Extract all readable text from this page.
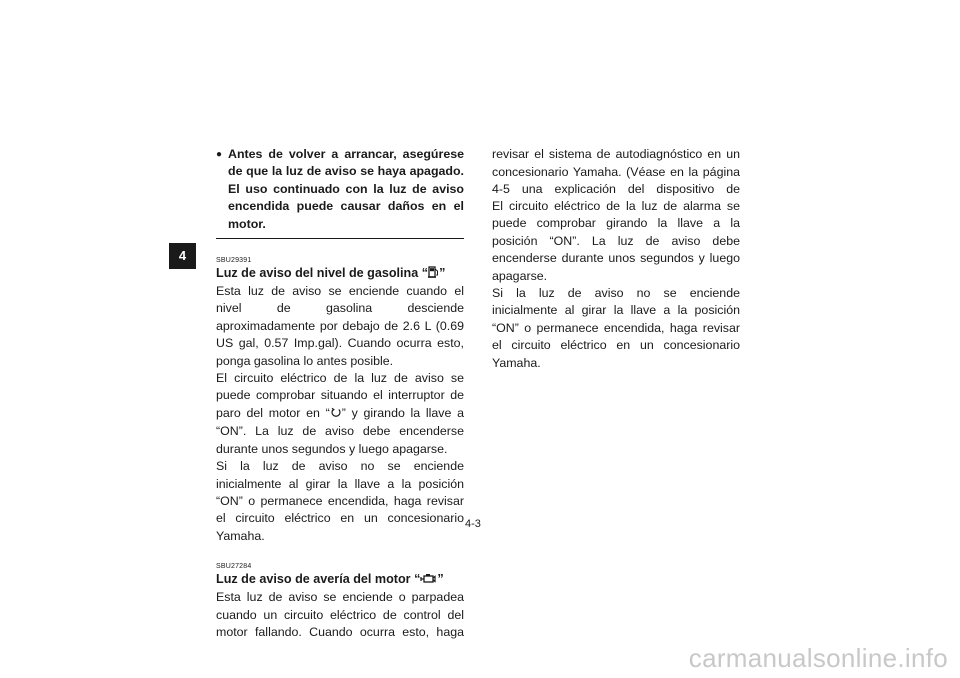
4
● Antes de volver a arrancar, asegúrese de que la luz de aviso se haya apagado. El uso continuado con la luz de aviso encendida puede causar daños en el motor.
SBU29391
Luz de aviso del nivel de gasolina “ ”

Esta luz de aviso se enciende cuando el nivel de gasolina desciende aproximadamente por debajo de 2.6 L (0.69 US gal, 0.57 Imp.gal). Cuando ocurra esto, ponga gasolina lo antes posible.

El circuito eléctrico de la luz de aviso se puede comprobar situando el interruptor de paro del motor en “ ” y girando la llave a “ON”. La luz de aviso debe encenderse durante unos segundos y luego apagarse.

Si la luz de aviso no se enciende inicialmente al girar la llave a la posición “ON” o permanece encendida, haga revisar el circuito eléctrico en un concesionario Yamaha.

SBU27284
Luz de aviso de avería del motor “ ”

Esta luz de aviso se enciende o parpadea cuando un circuito eléctrico de control del motor fallando. Cuando ocurra esto, haga

revisar el sistema de autodiagnóstico en un concesionario Yamaha. (Véase en la página 4-5 una explicación del dispositivo de

El circuito eléctrico de la luz de alarma se puede comprobar girando la llave a la posición “ON”. La luz de aviso debe encenderse durante unos segundos y luego apagarse.

Si la luz de aviso no se enciende inicialmente al girar la llave a la posición “ON” o permanece encendida, haga revisar el circuito eléctrico en un concesionario Yamaha.

4-3
carmanualsonline.info
